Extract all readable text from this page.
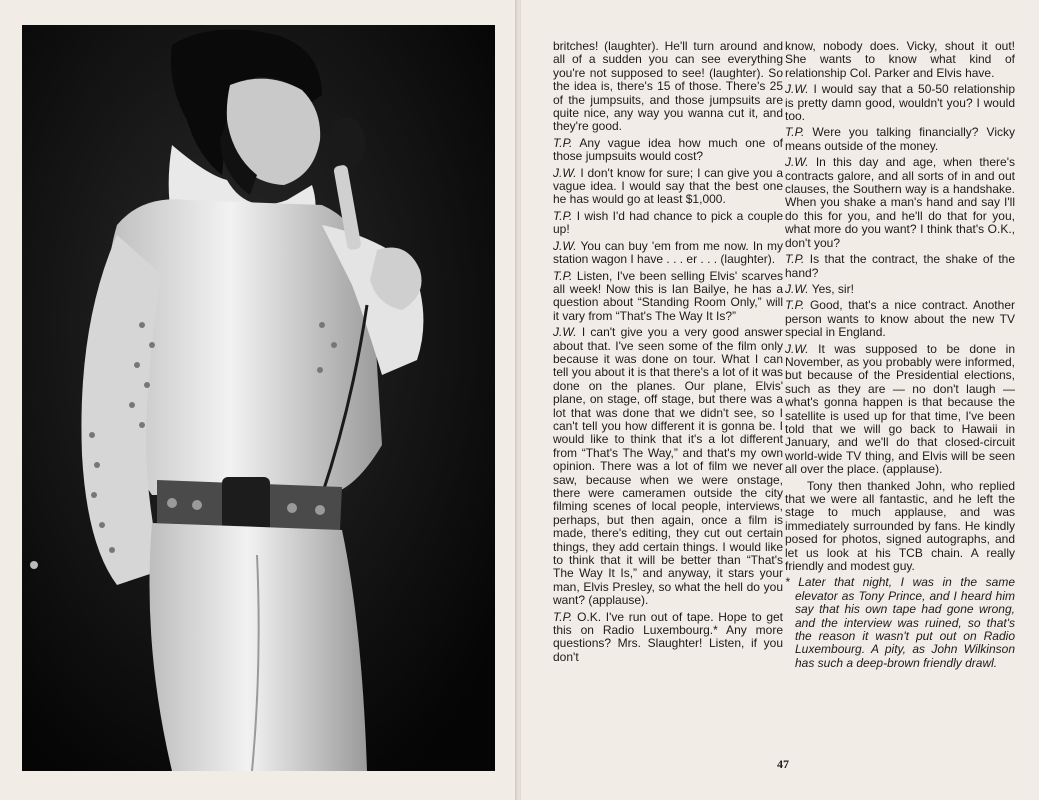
britches! (laughter). He'll turn around and all of a sudden you can see everything you're not supposed to see! (laughter). So the idea is, there's 15 of those. There's 25 of the jumpsuits, and those jumpsuits are quite nice, any way you wanna cut it, and they're good.

T.P. Any vague idea how much one of those jumpsuits would cost?

J.W. I don't know for sure; I can give you a vague idea. I would say that the best one he has would go at least $1,000.

T.P. I wish I'd had chance to pick a couple up!

J.W. You can buy 'em from me now. In my station wagon I have . . . er . . . (laughter).

T.P. Listen, I've been selling Elvis' scarves all week! Now this is Ian Bailye, he has a question about “Standing Room Only,” will it vary from “That's The Way It Is?”

J.W. I can't give you a very good answer about that. I've seen some of the film only because it was done on tour. What I can tell you about it is that there's a lot of it was done on the planes. Our plane, Elvis' plane, on stage, off stage, but there was a lot that was done that we didn't see, so I can't tell you how different it is gonna be. I would like to think that it's a lot different from “That's The Way,” and that's my own opinion. There was a lot of film we never saw, because when we were onstage, there were cameramen outside the city filming scenes of local people, interviews, perhaps, but then again, once a film is made, there's editing, they cut out certain things, they add certain things. I would like to think that it will be better than “That's The Way It Is,” and anyway, it stars your man, Elvis Presley, so what the hell do you want? (applause).

T.P. O.K. I've run out of tape. Hope to get this on Radio Luxembourg.* Any more questions? Mrs. Slaughter! Listen, if you don't

know, nobody does. Vicky, shout it out! She wants to know what kind of relationship Col. Parker and Elvis have.

J.W. I would say that a 50-50 relationship is pretty damn good, wouldn't you? I would too.

T.P. Were you talking financially? Vicky means outside of the money.

J.W. In this day and age, when there's contracts galore, and all sorts of in and out clauses, the Southern way is a handshake. When you shake a man's hand and say I'll do this for you, and he'll do that for you, what more do you want? I think that's O.K., don't you?

T.P. Is that the contract, the shake of the hand?

J.W. Yes, sir!

T.P. Good, that's a nice contract. Another person wants to know about the new TV special in England.

J.W. It was supposed to be done in November, as you probably were informed, but because of the Presidential elections, such as they are — no don't laugh — what's gonna happen is that because the satellite is used up for that time, I've been told that we will go back to Hawaii in January, and we'll do that closed-circuit world-wide TV thing, and Elvis will be seen all over the place. (applause).

Tony then thanked John, who replied that we were all fantastic, and he left the stage to much applause, and was immediately surrounded by fans. He kindly posed for photos, signed autographs, and let us look at his TCB chain. A really friendly and modest guy.

* Later that night, I was in the same elevator as Tony Prince, and I heard him say that his own tape had gone wrong, and the interview was ruined, so that's the reason it wasn't put out on Radio Luxembourg. A pity, as John Wilkinson has such a deep-brown friendly drawl.

47
